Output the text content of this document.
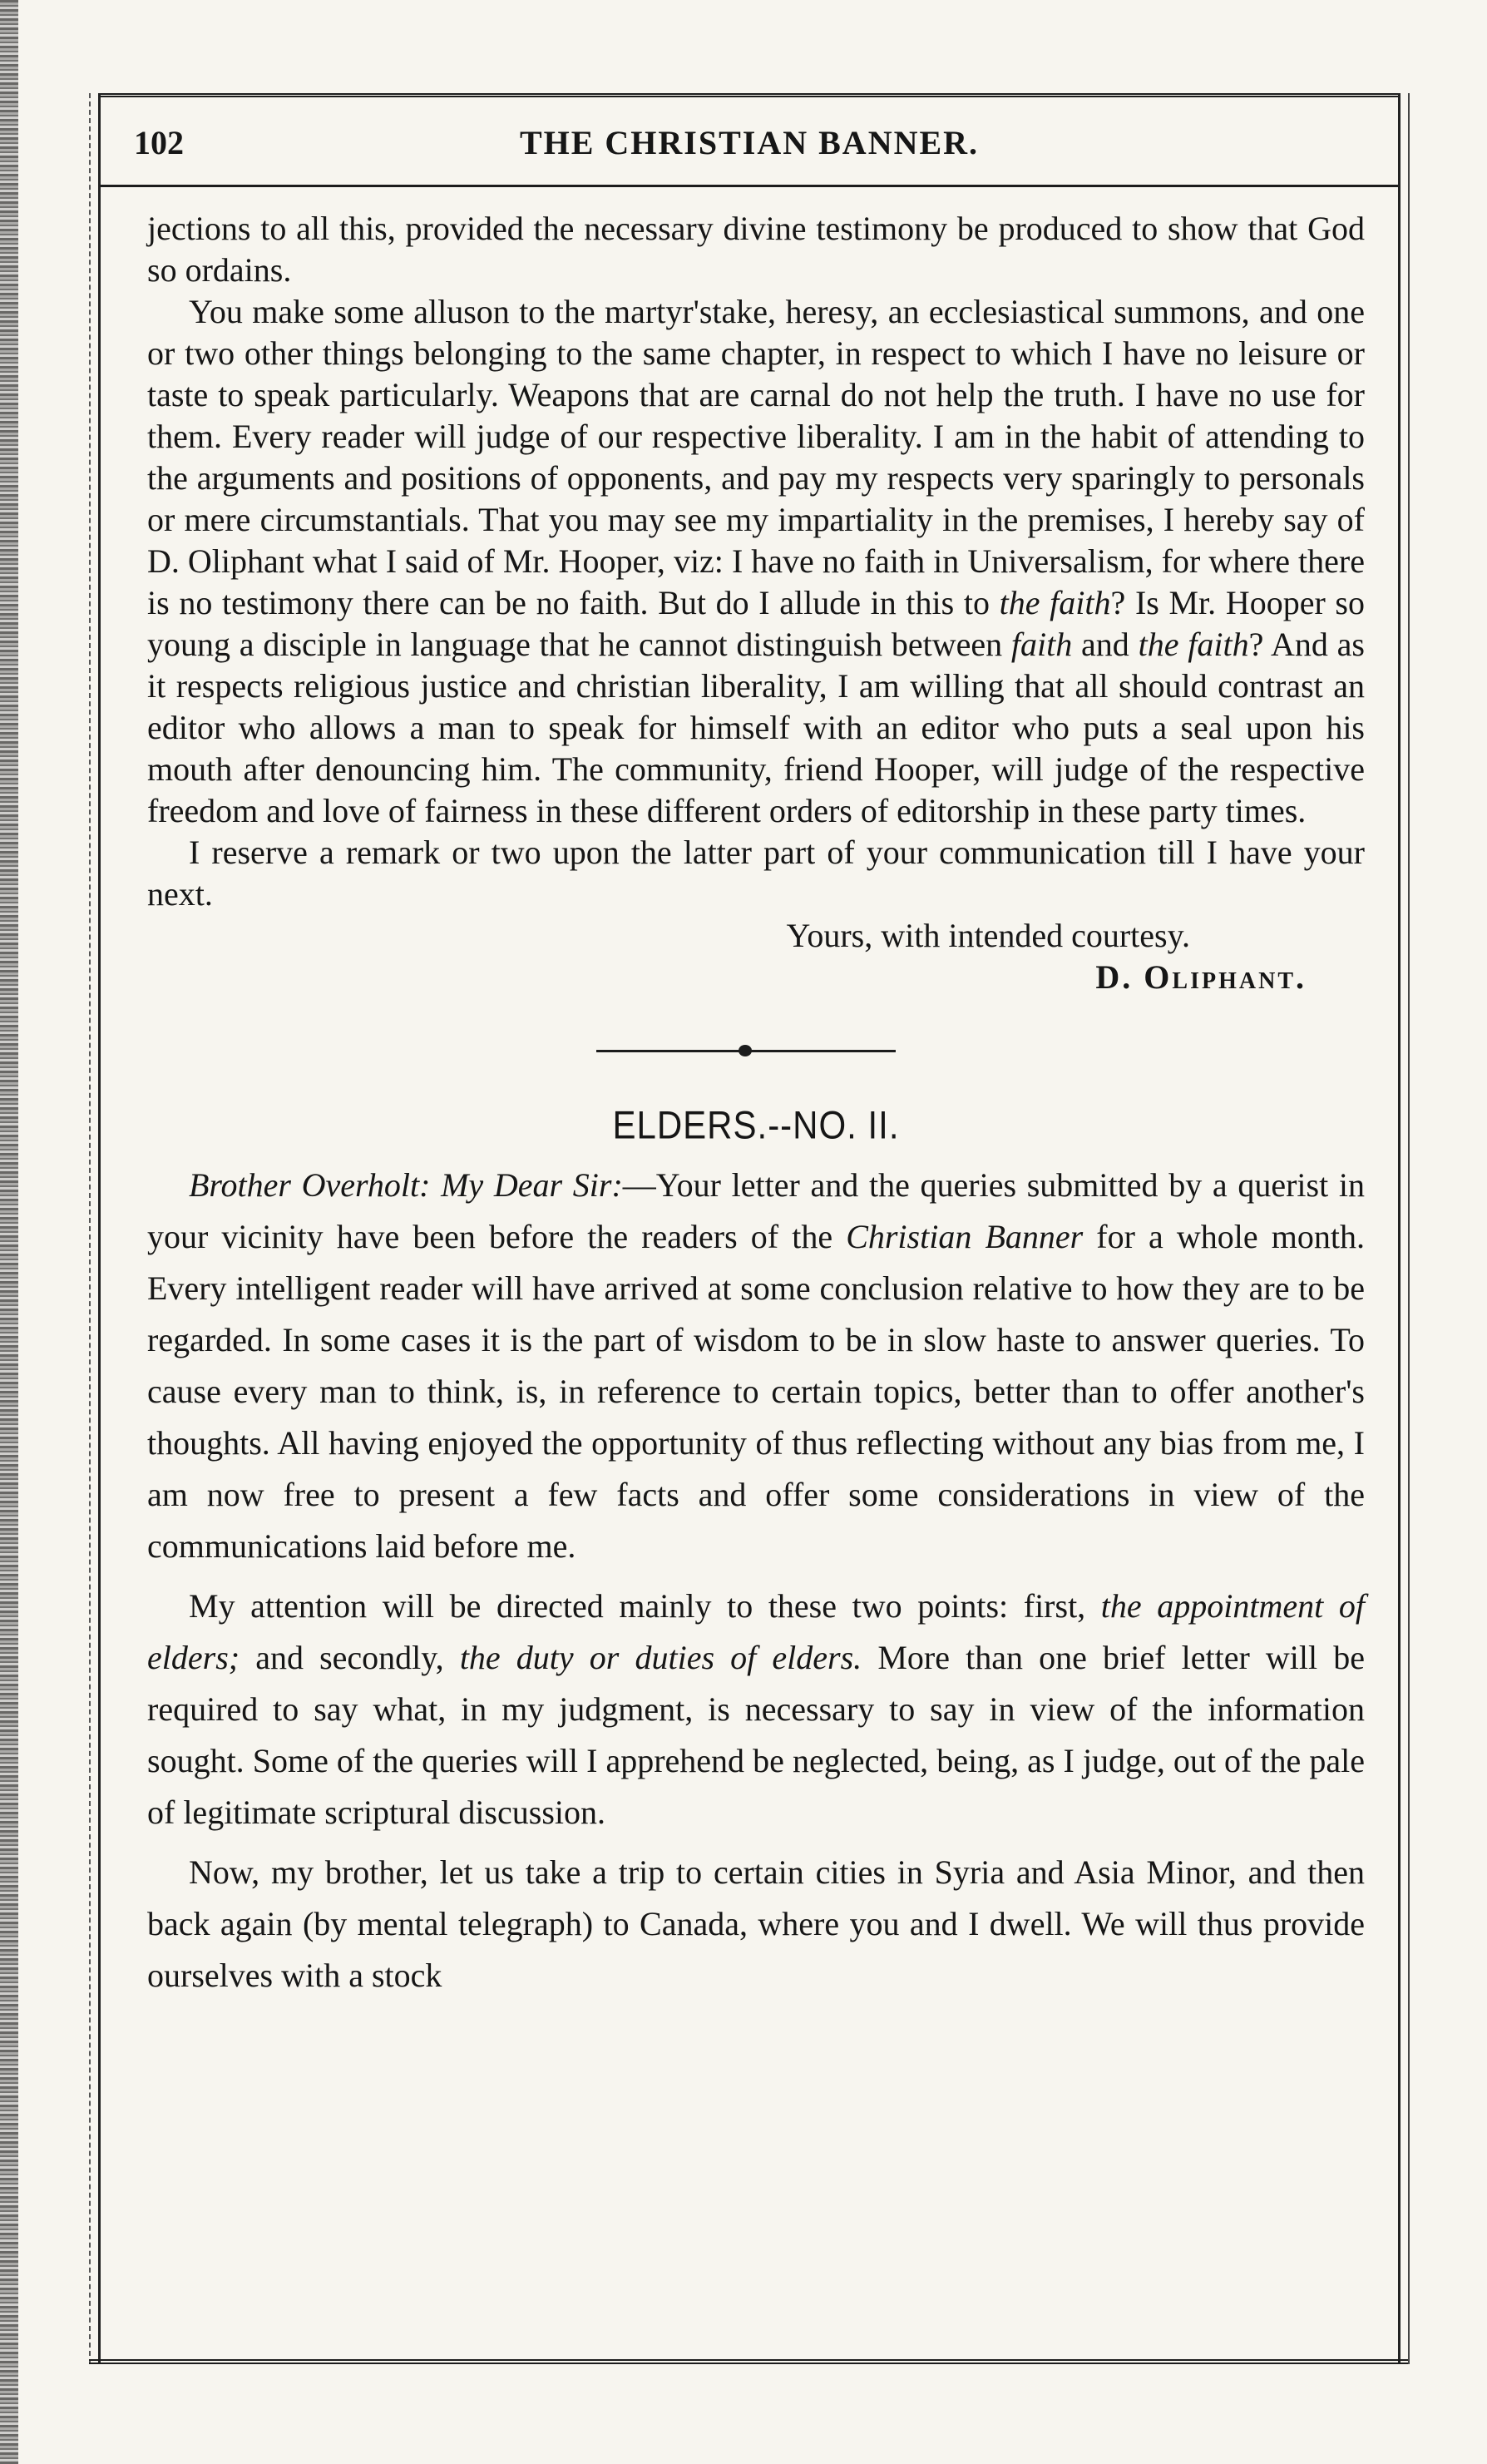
102	THE CHRISTIAN BANNER.

jections to all this, provided the necessary divine testimony be produced to show that God so ordains.

You make some alluson to the martyr'stake, heresy, an ecclesiastical summons, and one or two other things belonging to the same chapter, in respect to which I have no leisure or taste to speak particularly. Weapons that are carnal do not help the truth. I have no use for them. Every reader will judge of our respective liberality. I am in the habit of attending to the arguments and positions of opponents, and pay my respects very sparingly to personals or mere circumstantials. That you may see my impartiality in the premises, I hereby say of D. Oliphant what I said of Mr. Hooper, viz: I have no faith in Universalism, for where there is no testimony there can be no faith. But do I allude in this to the faith? Is Mr. Hooper so young a disciple in language that he cannot distinguish between faith and the faith? And as it respects religious justice and christian liberality, I am willing that all should contrast an editor who allows a man to speak for himself with an editor who puts a seal upon his mouth after denouncing him. The community, friend Hooper, will judge of the respective freedom and love of fairness in these different orders of editorship in these party times.

I reserve a remark or two upon the latter part of your communication till I have your next.

Yours, with intended courtesy.

D. Oliphant.

ELDERS.--NO. II.

Brother Overholt: My Dear Sir:—Your letter and the queries submitted by a querist in your vicinity have been before the readers of the Christian Banner for a whole month. Every intelligent reader will have arrived at some conclusion relative to how they are to be regarded. In some cases it is the part of wisdom to be in slow haste to answer queries. To cause every man to think, is, in reference to certain topics, better than to offer another's thoughts. All having enjoyed the opportunity of thus reflecting without any bias from me, I am now free to present a few facts and offer some considerations in view of the communications laid before me.

My attention will be directed mainly to these two points: first, the appointment of elders; and secondly, the duty or duties of elders. More than one brief letter will be required to say what, in my judgment, is necessary to say in view of the information sought. Some of the queries will I apprehend be neglected, being, as I judge, out of the pale of legitimate scriptural discussion.

Now, my brother, let us take a trip to certain cities in Syria and Asia Minor, and then back again (by mental telegraph) to Canada, where you and I dwell. We will thus provide ourselves with a stock
